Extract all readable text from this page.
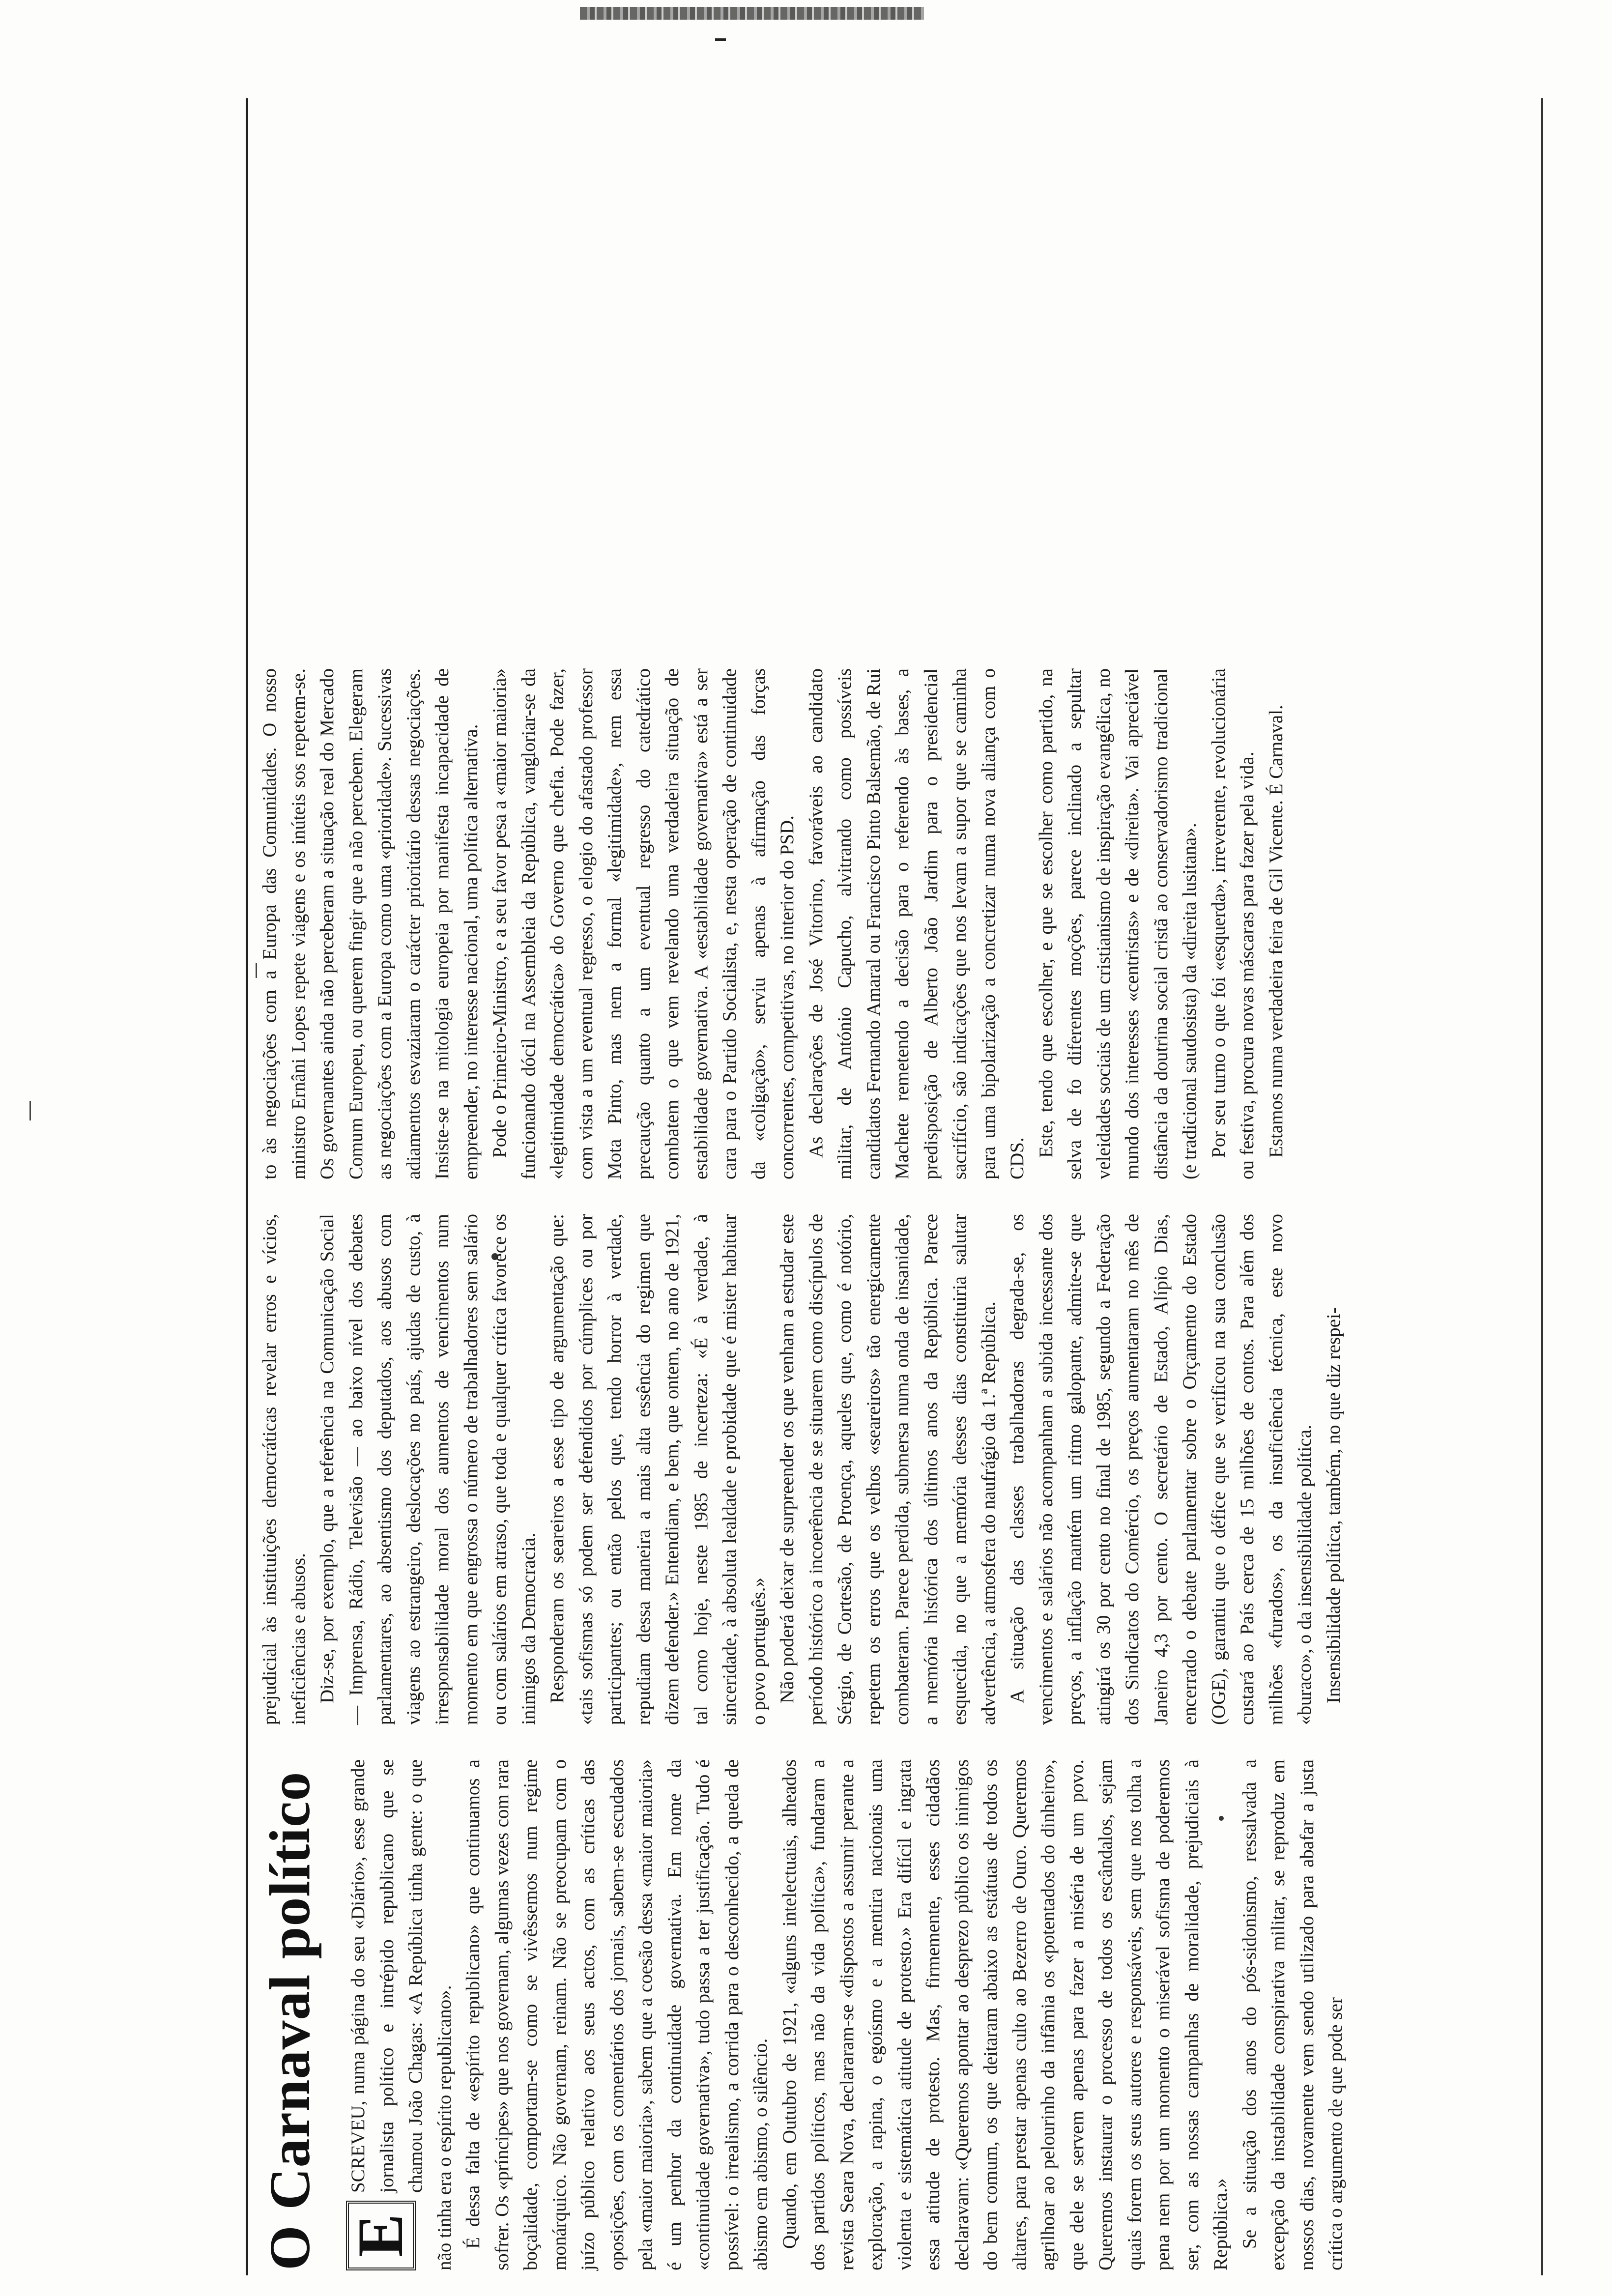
O Carnaval político E
SCREVEU, numa página do seu «Diário», esse grande jornalista político e intrépido republicano que se chamou João Chagas: «A República tinha gente: o que não tinha era o espírito republicano». É dessa falta de «espírito republicano» que continuamos a sofrer. Os «príncipes» que nos governam, algumas vezes com rara boçalidade, comportam-se como se vivêssemos num regime monárquico. Não governam, reinam. Não se preocupam com o juízo público relativo aos seus actos, com as críticas das oposições, com os comentários dos jornais, sabem-se escudados pela «maior maioria», sabem que a coesão dessa «maior maioria» é um penhor da continuidade governativa. Em nome da «continuidade governativa», tudo passa a ter justificação. Tudo é possível: o irrealismo, a corrida para o desconhecido, a queda de abismo em abismo, o silêncio. Quando, em Outubro de 1921, «alguns intelectuais, alheados dos partidos políticos, mas não da vida política», fundaram a revista Seara Nova, declararam-se «dispostos a assumir perante a exploração, a rapina, o egoísmo e a mentira nacionais uma violenta e sistemática atitude de protesto.» Era difícil e ingrata essa atitude de protesto. Mas, firmemente, esses cidadãos declaravam: «Queremos apontar ao desprezo público os inimigos do bem comum, os que deitaram abaixo as estátuas de todos os altares, para prestar apenas culto ao Bezerro de Ouro. Queremos agrilhoar ao pelourinho da infâmia os «potentados do dinheiro», que dele se servem apenas para fazer a miséria de um povo. Queremos instaurar o processo de todos os escândalos, sejam quais forem os seus autores e responsáveis, sem que nos tolha a pena nem por um momento o miserável sofisma de poderemos ser, com as nossas campanhas de moralidade, prejudiciais à República.» Se a situação dos anos do pós-sidonismo, ressalvada a excepção da instabilidade conspirativa militar, se reproduz em nossos dias, novamente vem sendo utilizado para abafar a justa crítica o argumento de que pode ser

prejudicial às instituições democráticas revelar erros e vícios, ineficiências e abusos. Diz-se, por exemplo, que a referência na Comunicação Social — Imprensa, Rádio, Televisão — ao baixo nível dos debates parlamentares, ao absentismo dos deputados, aos abusos com viagens ao estrangeiro, deslocações no país, ajudas de custo, à irresponsabilidade moral dos aumentos de vencimentos num momento em que engrossa o número de trabalhadores sem salário ou com salários em atraso, que toda e qualquer crítica favorece os inimigos da Democracia. Responderam os seareiros a esse tipo de argumentação que: «tais sofismas só podem ser defendidos por cúmplices ou por participantes; ou então pelos que, tendo horror à verdade, repudiam dessa maneira a mais alta essência do regimen que dizem defender.» Entendiam, e bem, que ontem, no ano de 1921, tal como hoje, neste 1985 de incerteza: «É à verdade, à sinceridade, à absoluta lealdade e probidade que é mister habituar o povo português.» Não poderá deixar de surpreender os que venham a estudar este período histórico a incoerência de se situarem como discípulos de Sérgio, de Cortesão, de Proença, aqueles que, como é notório, repetem os erros que os velhos «seareiros» tão energicamente combateram. Parece perdida, submersa numa onda de insanidade, a memória histórica dos últimos anos da República. Parece esquecida, no que a memória desses dias constituiria salutar advertência, a atmosfera do naufrágio da 1.ª República. A situação das classes trabalhadoras degrada-se, os vencimentos e salários não acompanham a subida incessante dos preços, a inflação mantém um ritmo galopante, admite-se que atingirá os 30 por cento no final de 1985, segundo a Federação dos Sindicatos do Comércio, os preços aumentaram no mês de Janeiro 4,3 por cento. O secretário de Estado, Alípio Dias, encerrado o debate parlamentar sobre o Orçamento do Estado (OGE), garantiu que o défice que se verificou na sua conclusão custará ao País cerca de 15 milhões de contos. Para além dos milhões «furados», os da insuficiência técnica, este novo «buraco», o da insensibilidade política. Insensibilidade política, também, no que diz respei-

to às negociações com a Europa das Comunidades. O nosso ministro Ernâni Lopes repete viagens e os inúteis sos repetem-se. Os governantes ainda não perceberam a situação real do Mercado Comum Europeu, ou querem fingir que a não percebem. Elegeram as negociações com a Europa como uma «prioridade». Sucessivas adiamentos esvaziaram o carácter prioritário dessas negociações. Insiste-se na mitologia europeia por manifesta incapacidade de empreender, no interesse nacional, uma política alternativa. Pode o Primeiro-Ministro, e a seu favor pesa a «maior maioria» funcionando dócil na Assembleia da República, vangloriar-se da «legitimidade democrática» do Governo que chefia. Pode fazer, com vista a um eventual regresso, o elogio do afastado professor Mota Pinto, mas nem a formal «legitimidade», nem essa precaução quanto a um eventual regresso do catedrático combatem o que vem revelando uma verdadeira situação de estabilidade governativa. A «estabilidade governativa» está a ser cara para o Partido Socialista, e, nesta operação de continuidade da «coligação», serviu apenas à afirmação das forças concorrentes, competitivas, no interior do PSD. As declarações de José Vitorino, favoráveis ao candidato militar, de António Capucho, alvitrando como possíveis candidatos Fernando Amaral ou Francisco Pinto Balsemão, de Rui Machete remetendo a decisão para o referendo às bases, a predisposição de Alberto João Jardim para o presidencial sacrifício, são indicações que nos levam a supor que se caminha para uma bipolarização a concretizar numa nova aliança com o CDS.

Este, tendo que escolher, e que se escolher como partido, na selva de fo diferentes moções, parece inclinado a sepultar veleidades sociais de um cristianismo de inspiração evangélica, no mundo dos interesses «centristas» e de «direita». Vai apreciável distância da doutrina social cristã ao conservadorismo tradicional (e tradicional saudosista) da «direita lusitana». Por seu turno o que foi «esquerda», irreverente, revolucionária ou festiva, procura novas máscaras para fazer pela vida. Estamos numa verdadeira feira de Gil Vicente. É Carnaval.
